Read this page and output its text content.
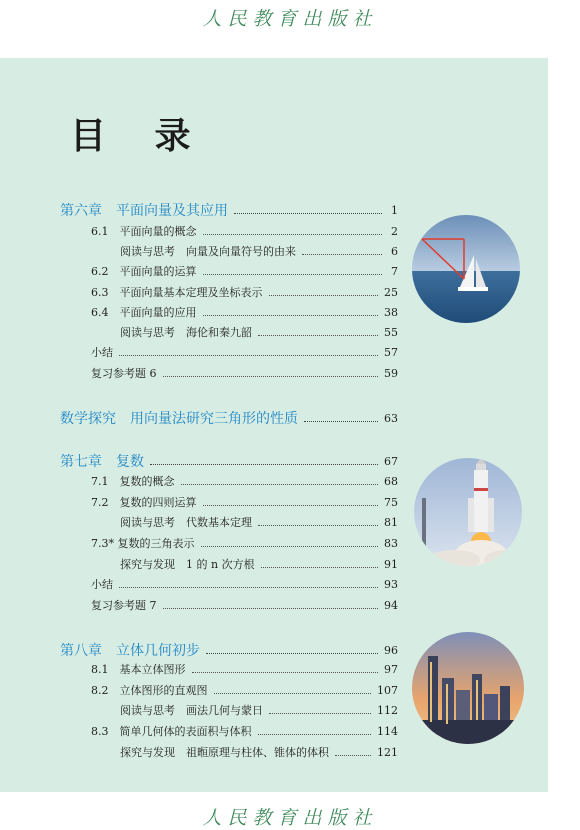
人民教育出版社
目 录
第六章　平面向量及其应用	1
6.1　平面向量的概念	2
阅读与思考　向量及向量符号的由来	6
6.2　平面向量的运算	7
6.3　平面向量基本定理及坐标表示	25
6.4　平面向量的应用	38
阅读与思考　海伦和秦九韶	55
小结	57
复习参考题 6	59
数学探究　用向量法研究三角形的性质	63
第七章　复数	67
7.1　复数的概念	68
7.2　复数的四则运算	75
阅读与思考　代数基本定理	81
7.3* 复数的三角表示	83
探究与发现　1 的 n 次方根	91
小结	93
复习参考题 7	94
第八章　立体几何初步	96
8.1　基本立体图形	97
8.2　立体图形的直观图	107
阅读与思考　画法几何与蒙日	112
8.3　简单几何体的表面积与体积	114
探究与发现　祖暅原理与柱体、锥体的体积	121
人民教育出版社
